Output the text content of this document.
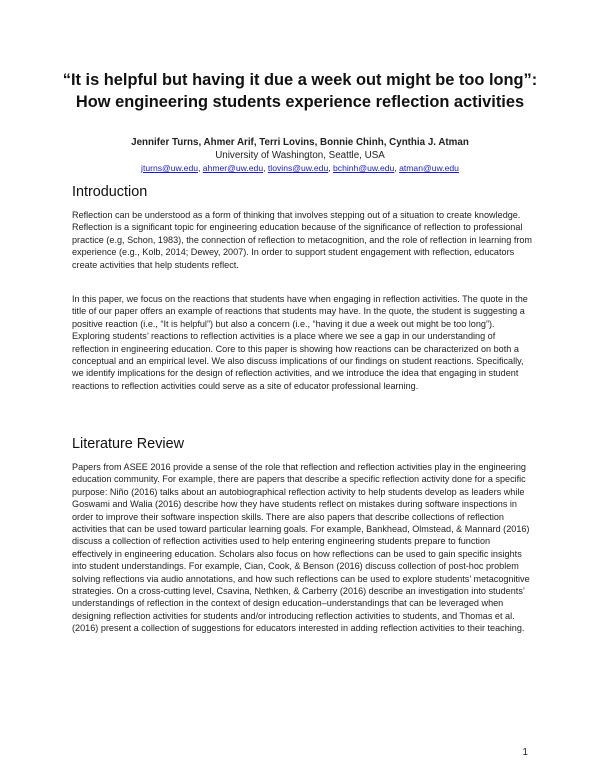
“It is helpful but having it due a week out might be too long”:
How engineering students experience reflection activities
Jennifer Turns, Ahmer Arif, Terri Lovins, Bonnie Chinh, Cynthia J. Atman
University of Washington, Seattle, USA
jturns@uw.edu, ahmer@uw.edu, tlovins@uw.edu, bchinh@uw.edu, atman@uw.edu
Introduction

Reflection can be understood as a form of thinking that involves stepping out of a situation to create knowledge. Reflection is a significant topic for engineering education because of the significance of reflection to professional practice (e.g, Schon, 1983), the connection of reflection to metacognition, and the role of reflection in learning from experience (e.g., Kolb, 2014; Dewey, 2007). In order to support student engagement with reflection, educators create activities that help students reflect.

In this paper, we focus on the reactions that students have when engaging in reflection activities. The quote in the title of our paper offers an example of reactions that students may have. In the quote, the student is suggesting a positive reaction (i.e., “It is helpful”) but also a concern (i.e., “having it due a week out might be too long”). Exploring students’ reactions to reflection activities is a place where we see a gap in our understanding of reflection in engineering education. Core to this paper is showing how reactions can be characterized on both a conceptual and an empirical level. We also discuss implications of our findings on student reactions. Specifically, we identify implications for the design of reflection activities, and we introduce the idea that engaging in student reactions to reflection activities could serve as a site of educator professional learning.

Literature Review

Papers from ASEE 2016 provide a sense of the role that reflection and reflection activities play in the engineering education community. For example, there are papers that describe a specific reflection activity done for a specific purpose: Niño (2016) talks about an autobiographical reflection activity to help students develop as leaders while Goswami and Walia (2016) describe how they have students reflect on mistakes during software inspections in order to improve their software inspection skills. There are also papers that describe collections of reflection activities that can be used toward particular learning goals. For example, Bankhead, Olmstead, & Mannard (2016) discuss a collection of reflection activities used to help entering engineering students prepare to function effectively in engineering education. Scholars also focus on how reflections can be used to gain specific insights into student understandings. For example, Cian, Cook, & Benson (2016) discuss collection of post-hoc problem solving reflections via audio annotations, and how such reflections can be used to explore students’ metacognitive strategies. On a cross-cutting level, Csavina, Nethken, & Carberry (2016) describe an investigation into students’ understandings of reflection in the context of design education–understandings that can be leveraged when designing reflection activities for students and/or introducing reflection activities to students, and Thomas et al. (2016) present a collection of suggestions for educators interested in adding reflection activities to their teaching.

1
